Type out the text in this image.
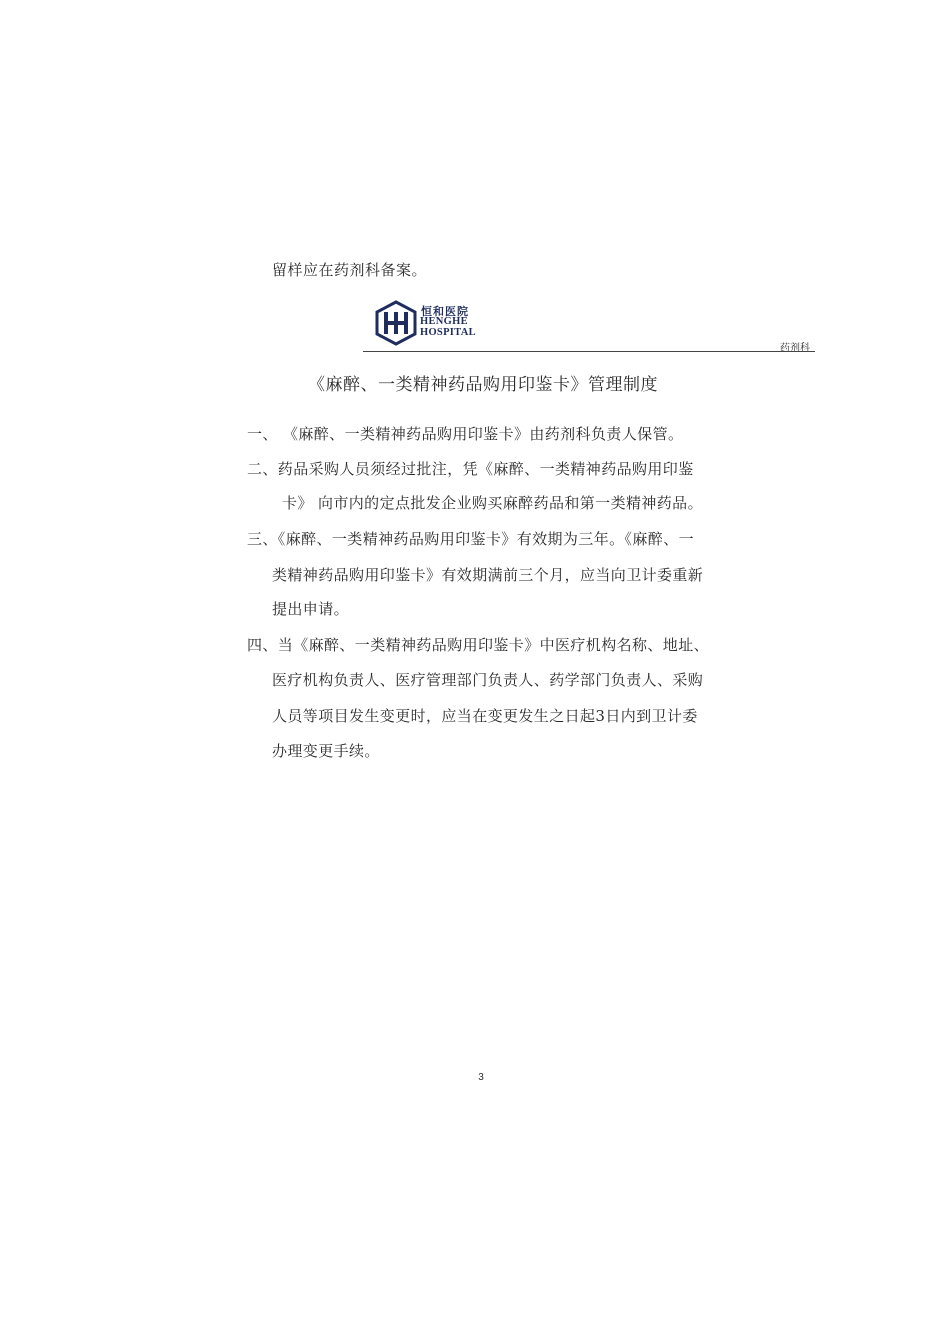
留样应在药剂科备案。
恒和医院
HENGHE
HOSPITAL
药剂科
《麻醉、一类精神药品购用印鉴卡》管理制度
一、 《麻醉、一类精神药品购用印鉴卡》由药剂科负责人保管。
二、药品采购人员须经过批注，凭《麻醉、一类精神药品购用印鉴
卡》 向市内的定点批发企业购买麻醉药品和第一类精神药品。
三、《麻醉、一类精神药品购用印鉴卡》有效期为三年。《麻醉、一
类精神药品购用印鉴卡》有效期满前三个月，应当向卫计委重新
提出申请。
四、当《麻醉、一类精神药品购用印鉴卡》中医疗机构名称、地址、
医疗机构负责人、医疗管理部门负责人、药学部门负责人、采购
人员等项目发生变更时，应当在变更发生之日起3日内到卫计委
办理变更手续。
3
